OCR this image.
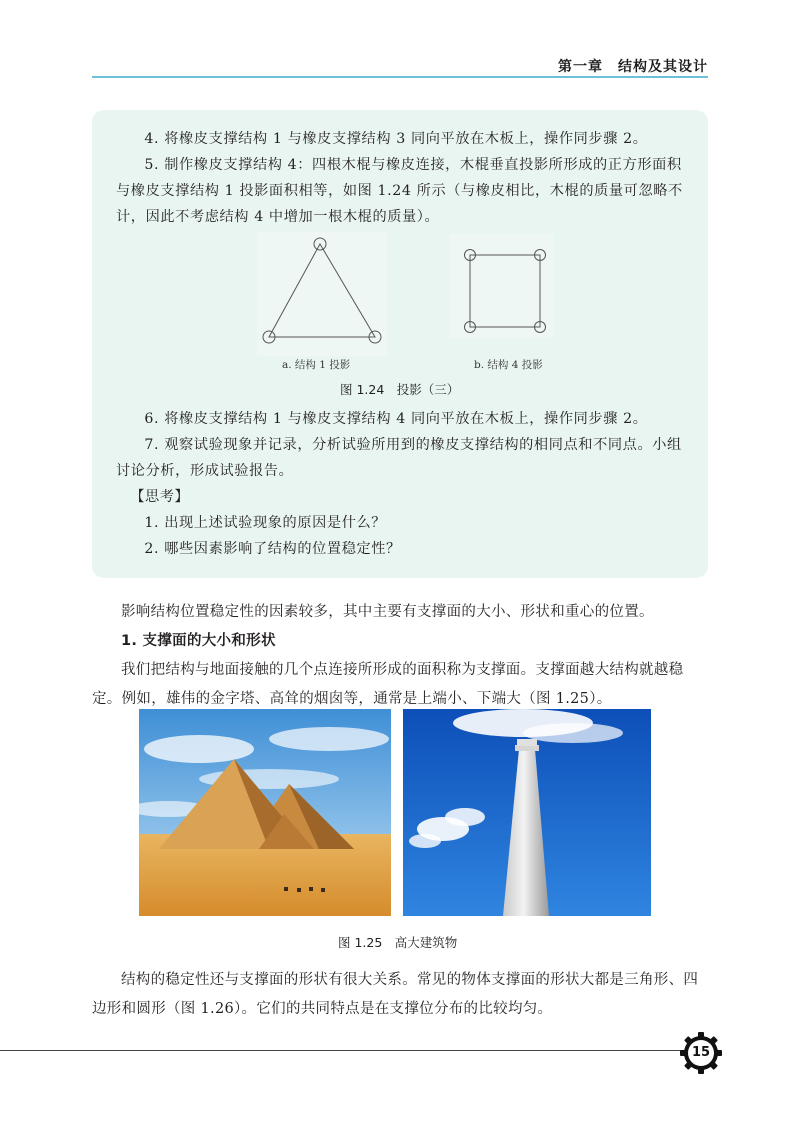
第一章　结构及其设计

4. 将橡皮支撑结构 1 与橡皮支撑结构 3 同向平放在木板上，操作同步骤 2。

5. 制作橡皮支撑结构 4：四根木棍与橡皮连接，木棍垂直投影所形成的正方形面积与橡皮支撑结构 1 投影面积相等，如图 1.24 所示（与橡皮相比，木棍的质量可忽略不计，因此不考虑结构 4 中增加一根木棍的质量）。

a. 结构 1 投影	b. 结构 4 投影
图 1.24　投影（三）

6. 将橡皮支撑结构 1 与橡皮支撑结构 4 同向平放在木板上，操作同步骤 2。

7. 观察试验现象并记录，分析试验所用到的橡皮支撑结构的相同点和不同点。小组讨论分析，形成试验报告。

【思考】

1. 出现上述试验现象的原因是什么？

2. 哪些因素影响了结构的位置稳定性？

影响结构位置稳定性的因素较多，其中主要有支撑面的大小、形状和重心的位置。

1. 支撑面的大小和形状

我们把结构与地面接触的几个点连接所形成的面积称为支撑面。支撑面越大结构就越稳定。例如，雄伟的金字塔、高耸的烟囱等，通常是上端小、下端大（图 1.25）。

图 1.25　高大建筑物

结构的稳定性还与支撑面的形状有很大关系。常见的物体支撑面的形状大都是三角形、四边形和圆形（图 1.26）。它们的共同特点是在支撑位分布的比较均匀。

15
